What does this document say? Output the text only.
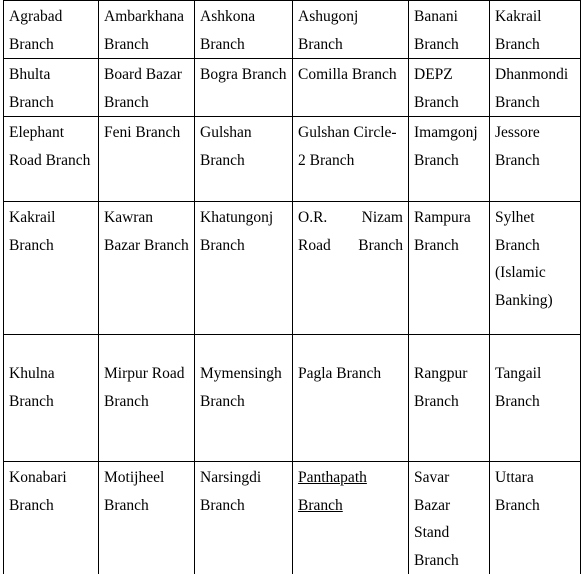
Agrabad Branch	Ambarkhana Branch	Ashkona Branch	Ashugonj Branch	Banani Branch	Kakrail Branch

Bhulta Branch	Board Bazar Branch	Bogra Branch	Comilla Branch	DEPZ Branch	Dhanmondi Branch

Elephant Road Branch	Feni Branch	Gulshan Branch	Gulshan Circle-2 Branch	Imamgonj Branch	Jessore Branch

Kakrail Branch	Kawran Bazar Branch	Khatungonj Branch	O.R. Nizam Road Branch	Rampura Branch	Sylhet Branch (Islamic Banking)

Khulna Branch	Mirpur Road Branch	Mymensingh Branch	Pagla Branch	Rangpur Branch	Tangail Branch

Konabari Branch	Motijheel Branch	Narsingdi Branch	Panthapath Branch	Savar Bazar Stand Branch	Uttara Branch
